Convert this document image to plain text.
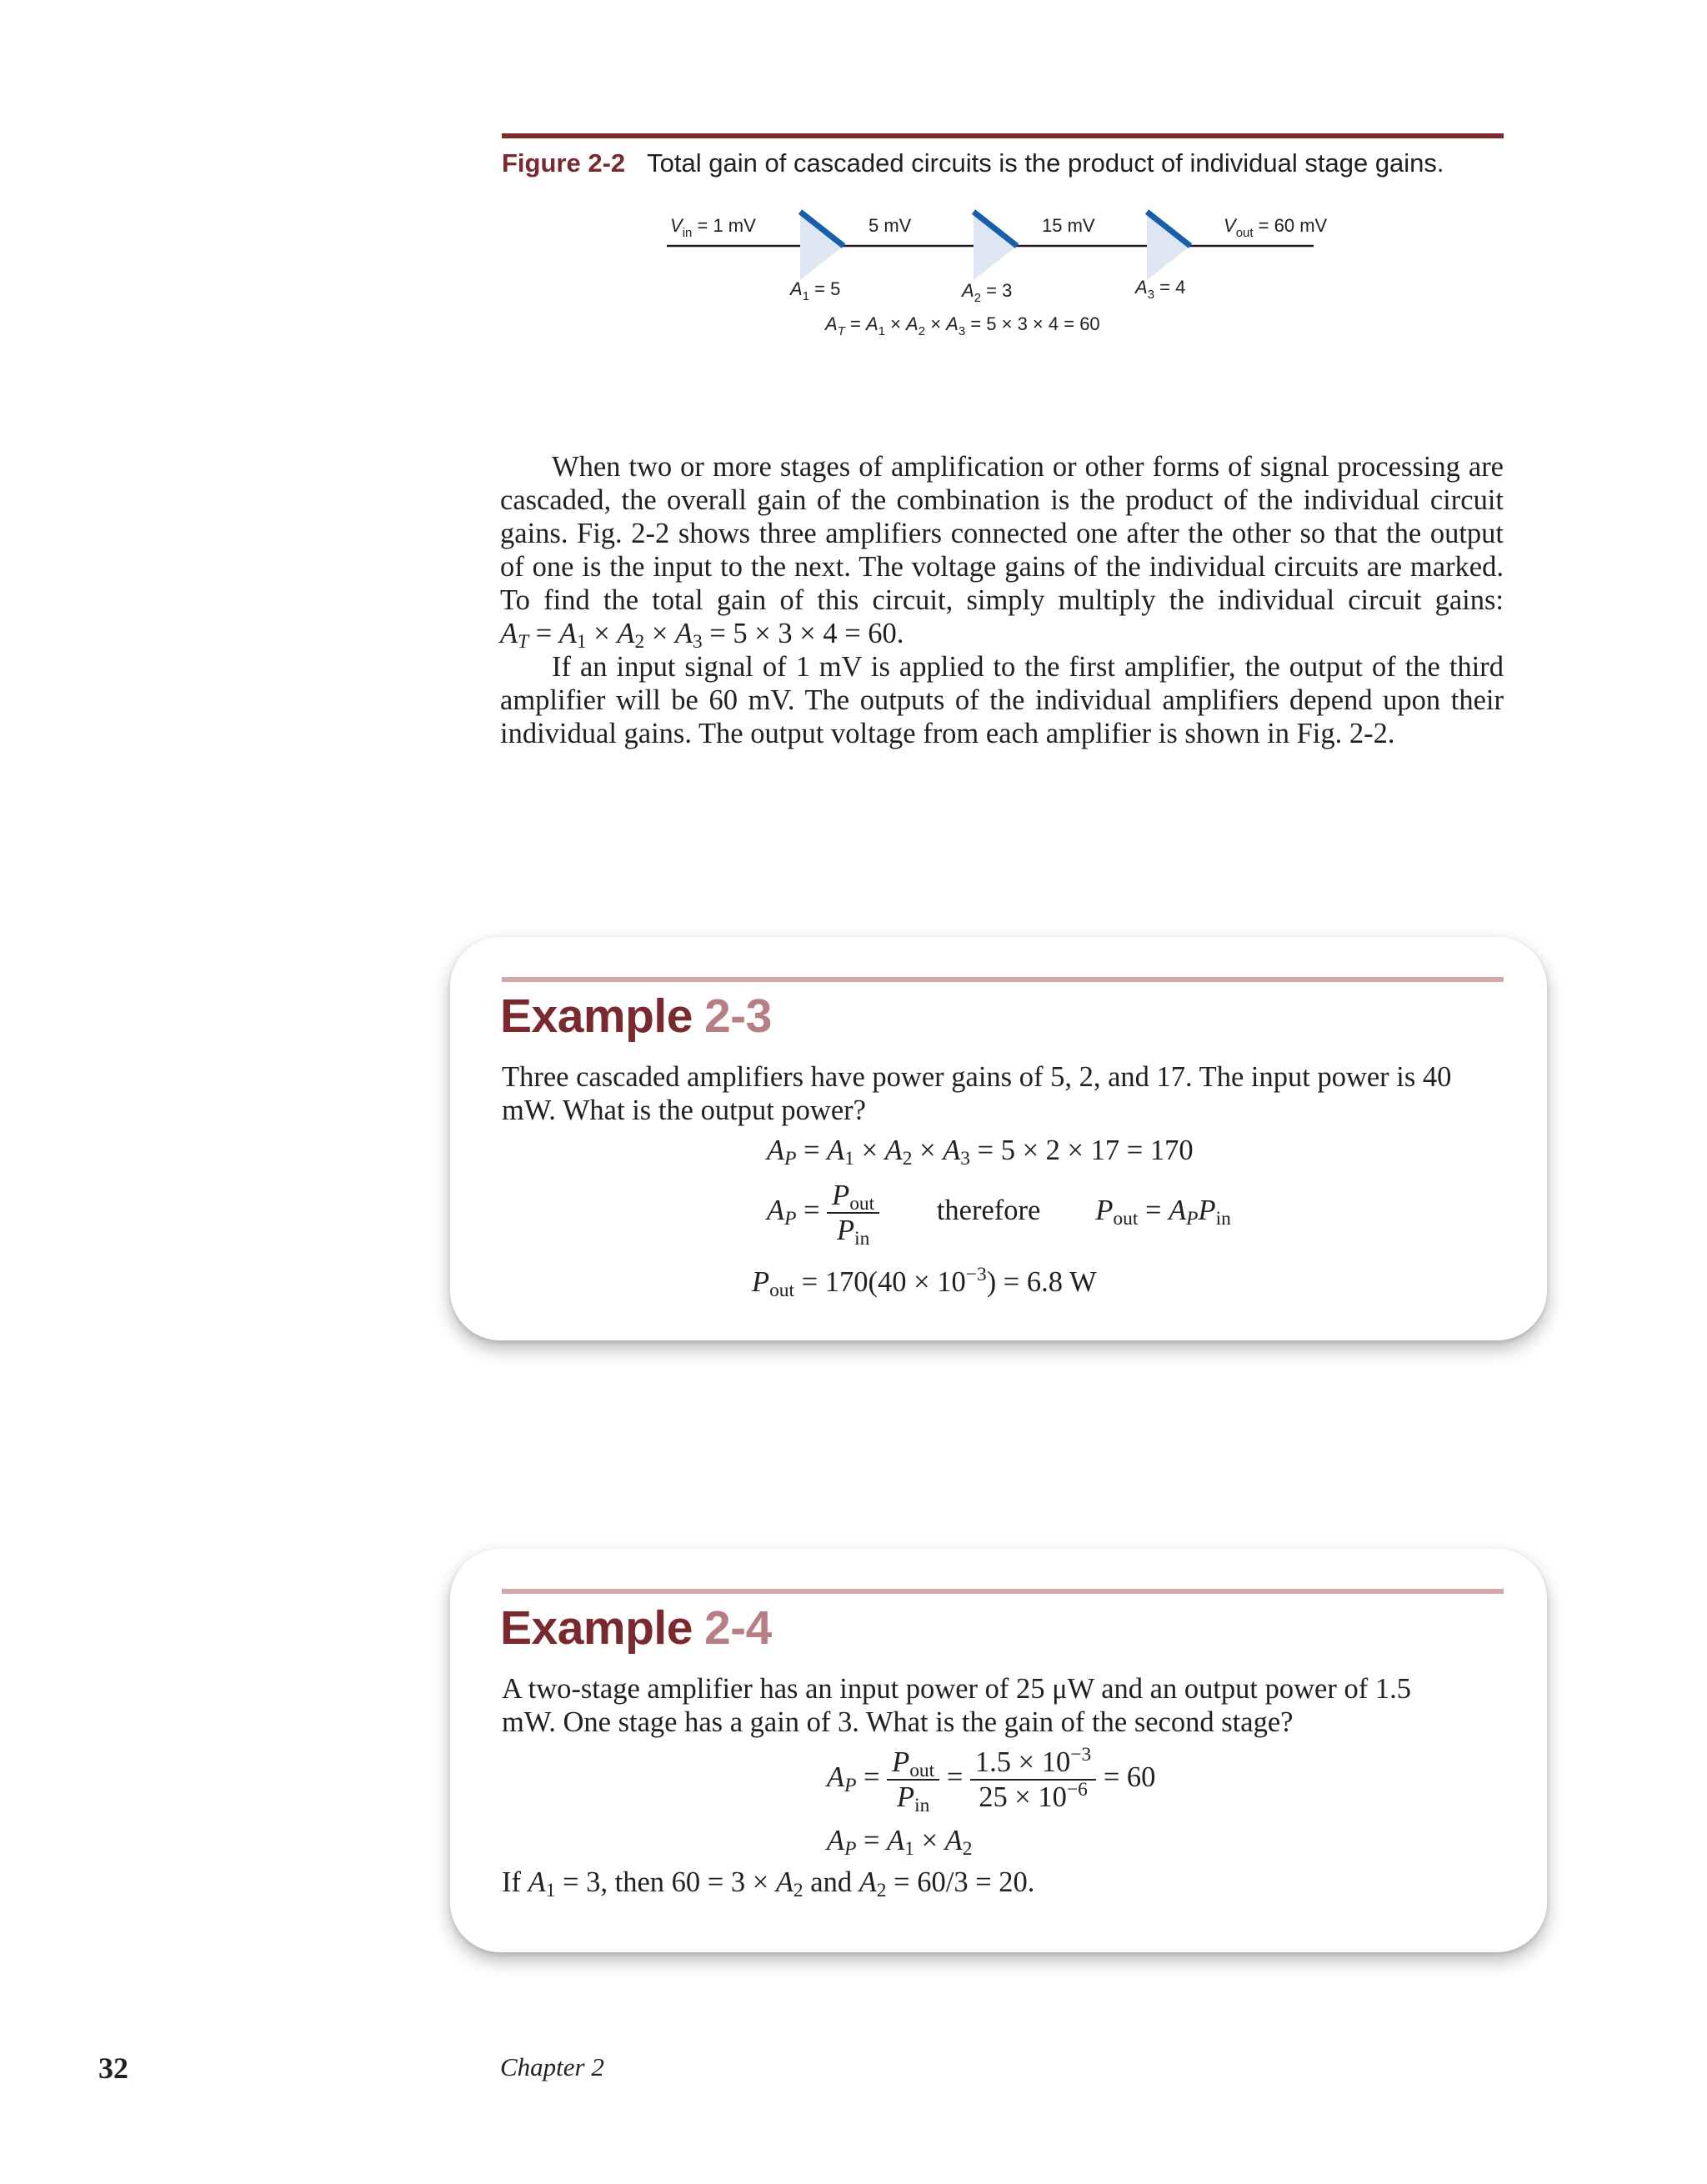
Figure 2-2 Total gain of cascaded circuits is the product of individual stage gains.
$V_{in} = 1$ mV	5 mV	15 mV	$V_{out} = 60$ mV
$A_1 = 5$	$A_2 = 3$	$A_3 = 4$
$A_T = A_1 \times A_2 \times A_3 = 5 \times 3 \times 4 = 60$

When two or more stages of amplification or other forms of signal processing are cascaded, the overall gain of the combination is the product of the individual circuit gains. Fig. 2-2 shows three amplifiers connected one after the other so that the output of one is the input to the next. The voltage gains of the individual circuits are marked. To find the total gain of this circuit, simply multiply the individual circuit gains: $A_T = A_1 \times A_2 \times A_3 = 5 \times 3 \times 4 = 60$.

If an input signal of 1 mV is applied to the first amplifier, the output of the third amplifier will be 60 mV. The outputs of the individual amplifiers depend upon their individual gains. The output voltage from each amplifier is shown in Fig. 2-2.

Example 2-3
Three cascaded amplifiers have power gains of 5, 2, and 17. The input power is 40 mW. What is the output power?
$A_P = A_1 \times A_2 \times A_3 = 5 \times 2 \times 17 = 170$
$A_P = \frac{P_{out}}{P_{in}}$ therefore $P_{out} = A_PP_{in}$
$P_{out} = 170(40 \times 10^{-3}) = 6.8$ W
Example 2-4
A two-stage amplifier has an input power of 25 μW and an output power of 1.5 mW. One stage has a gain of 3. What is the gain of the second stage?
$A_P = \frac{P_{out}}{P_{in}} = \frac{1.5 \times 10^{-3}}{25 \times 10^{-6}} = 60$
$A_P = A_1 \times A_2$
If $A_1 = 3$, then $60 = 3 \times A_2$ and $A_2 = 60/3 = 20$.
32	Chapter 2
